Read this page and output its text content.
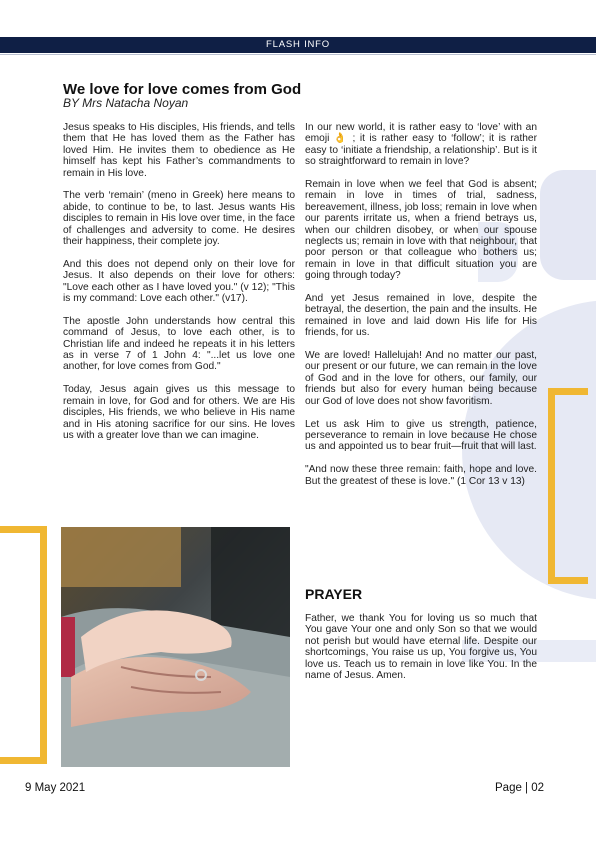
FLASH INFO
We love for love comes from God
BY Mrs Natacha Noyan

Jesus speaks to His disciples, His friends, and tells them that He has loved them as the Father has loved Him. He invites them to obedience as He himself has kept his Father’s commandments to remain in His love.

The verb ‘remain’ (meno in Greek) here means to abide, to continue to be, to last. Jesus wants His disciples to remain in His love over time, in the face of challenges and adversity to come. He desires their happiness, their complete joy.

And this does not depend only on their love for Jesus. It also depends on their love for others: "Love each other as I have loved you." (v 12); "This is my command: Love each other." (v17).

The apostle John understands how central this command of Jesus, to love each other, is to Christian life and indeed he repeats it in his letters as in verse 7 of 1 John 4: "...let us love one another, for love comes from God."

Today, Jesus again gives us this message to remain in love, for God and for others. We are His disciples, His friends, we who believe in His name and in His atoning sacrifice for our sins. He loves us with a greater love than we can imagine.

In our new world, it is rather easy to ‘love’ with an emoji 👌 ; it is rather easy to ‘follow’; it is rather easy to ‘initiate a friendship, a relationship’. But is it so straightforward to remain in love?

Remain in love when we feel that God is absent; remain in love in times of trial, sadness, bereavement, illness, job loss; remain in love when our parents irritate us, when a friend betrays us, when our children disobey, or when our spouse neglects us; remain in love with that neighbour, that poor person or that colleague who bothers us; remain in love in that difficult situation you are going through today?

And yet Jesus remained in love, despite the betrayal, the desertion, the pain and the insults. He remained in love and laid down His life for His friends, for us.

We are loved! Hallelujah! And no matter our past, our present or our future, we can remain in the love of God and in the love for others, our family, our friends but also for every human being because our God of love does not show favoritism.

Let us ask Him to give us strength, patience, perseverance to remain in love because He chose us and appointed us to bear fruit—fruit that will last.

"And now these three remain: faith, hope and love. But the greatest of these is love." (1 Cor 13 v 13)

PRAYER

Father, we thank You for loving us so much that You gave Your one and only Son so that we would not perish but would have eternal life. Despite our shortcomings, You raise us up, You forgive us, You love us. Teach us to remain in love like You. In the name of Jesus. Amen.

9 May 2021	Page | 02
